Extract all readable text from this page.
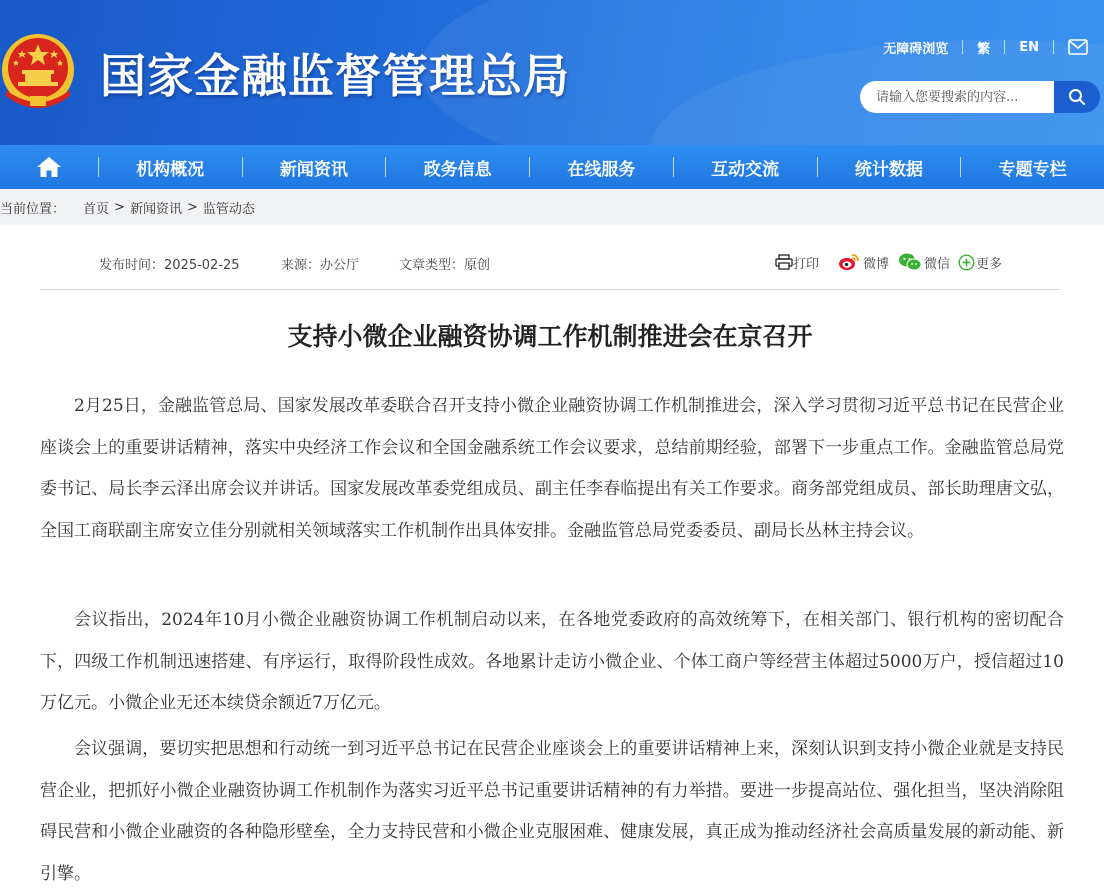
国家金融监督管理总局	无障碍浏览 繁 EN
请输入您要搜索的内容...
机构概况	新闻资讯	政务信息	在线服务	互动交流	统计数据	专题专栏
当前位置： 首页 > 新闻资讯 > 监管动态
发布时间：2025-02-25	来源：办公厅	文章类型：原创	打印	微博	微信 更多
支持小微企业融资协调工作机制推进会在京召开

2月25日，金融监管总局、国家发展改革委联合召开支持小微企业融资协调工作机制推进会，深入学习贯彻习近平总书记在民营企业座谈会上的重要讲话精神，落实中央经济工作会议和全国金融系统工作会议要求，总结前期经验，部署下一步重点工作。金融监管总局党委书记、局长李云泽出席会议并讲话。国家发展改革委党组成员、副主任李春临提出有关工作要求。商务部党组成员、部长助理唐文弘，全国工商联副主席安立佳分别就相关领域落实工作机制作出具体安排。金融监管总局党委委员、副局长丛林主持会议。

会议指出，2024年10月小微企业融资协调工作机制启动以来，在各地党委政府的高效统筹下，在相关部门、银行机构的密切配合下，四级工作机制迅速搭建、有序运行，取得阶段性成效。各地累计走访小微企业、个体工商户等经营主体超过5000万户，授信超过10万亿元。小微企业无还本续贷余额近7万亿元。

会议强调，要切实把思想和行动统一到习近平总书记在民营企业座谈会上的重要讲话精神上来，深刻认识到支持小微企业就是支持民营企业，把抓好小微企业融资协调工作机制作为落实习近平总书记重要讲话精神的有力举措。要进一步提高站位、强化担当，坚决消除阻碍民营和小微企业融资的各种隐形壁垒，全力支持民营和小微企业克服困难、健康发展，真正成为推动经济社会高质量发展的新动能、新引擎。
